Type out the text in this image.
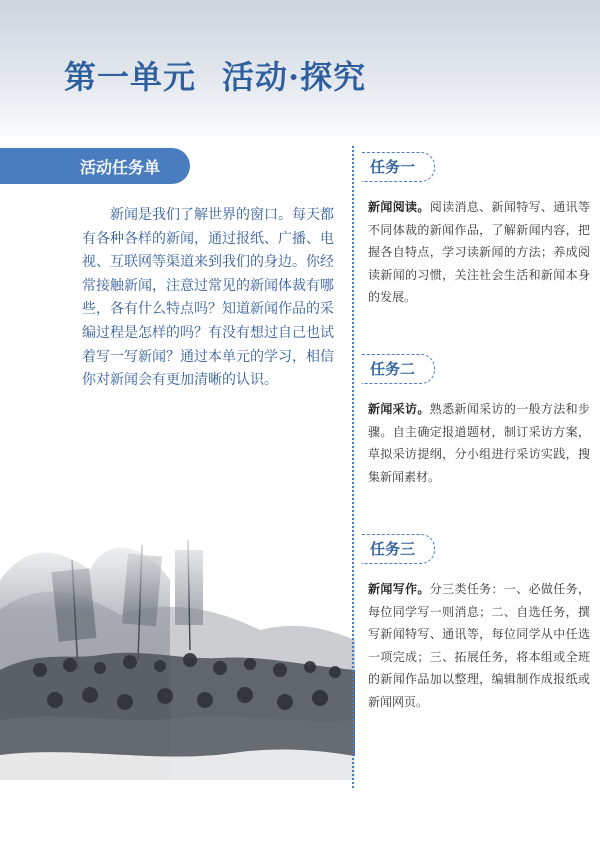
第一单元 活动·探究
活动任务单
新闻是我们了解世界的窗口。每天都有各种各样的新闻，通过报纸、广播、电视、互联网等渠道来到我们的身边。你经常接触新闻，注意过常见的新闻体裁有哪些，各有什么特点吗？知道新闻作品的采编过程是怎样的吗？有没有想过自己也试着写一写新闻？通过本单元的学习，相信你对新闻会有更加清晰的认识。
任务一
新闻阅读。阅读消息、新闻特写、通讯等不同体裁的新闻作品，了解新闻内容，把握各自特点，学习读新闻的方法；养成阅读新闻的习惯，关注社会生活和新闻本身的发展。
任务二
新闻采访。熟悉新闻采访的一般方法和步骤。自主确定报道题材，制订采访方案，草拟采访提纲，分小组进行采访实践，搜集新闻素材。
任务三
新闻写作。分三类任务：一、必做任务，每位同学写一则消息；二、自选任务，撰写新闻特写、通讯等，每位同学从中任选一项完成；三、拓展任务，将本组或全班的新闻作品加以整理，编辑制作成报纸或新闻网页。
